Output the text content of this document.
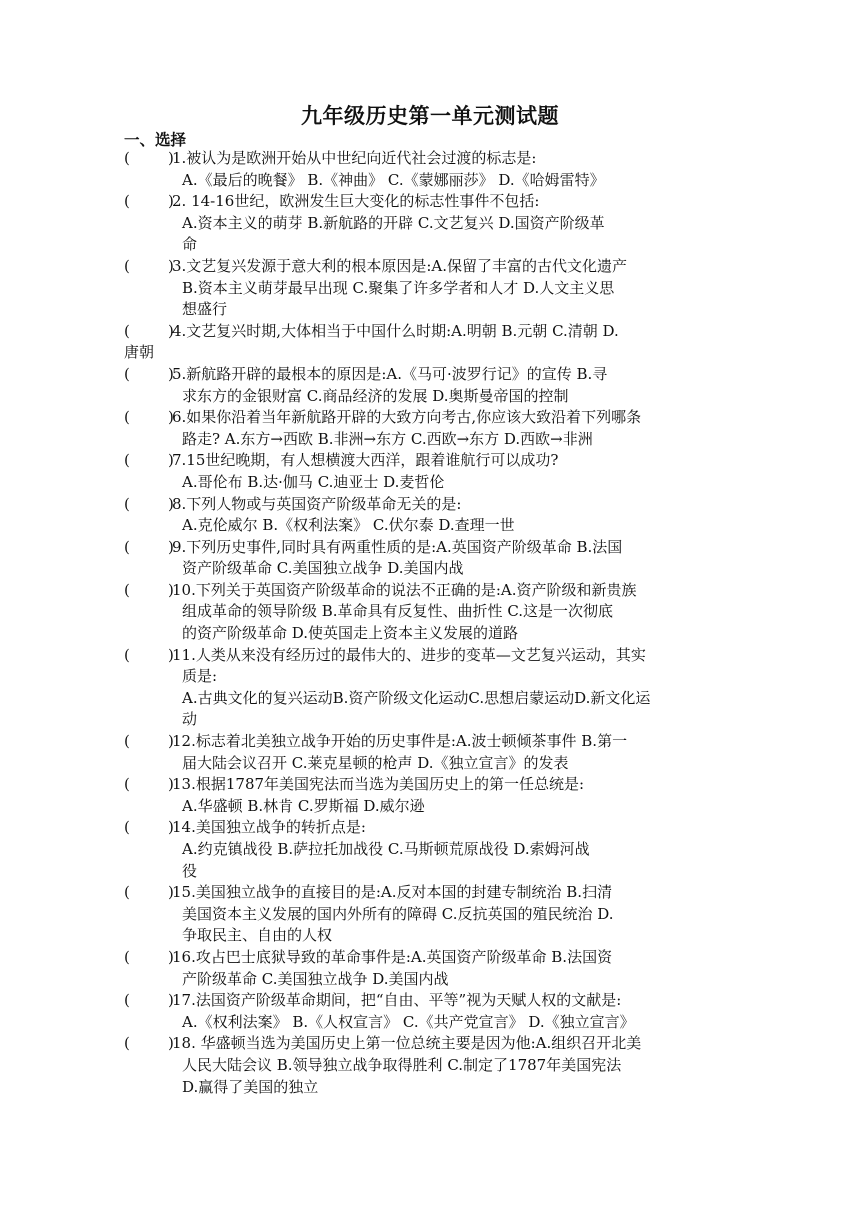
九年级历史第一单元测试题
一、选择
(        )
1.被认为是欧洲开始从中世纪向近代社会过渡的标志是:
A.《最后的晚餐》 B.《神曲》 C.《蒙娜丽莎》 D.《哈姆雷特》
(        )
2. 14-16世纪，欧洲发生巨大变化的标志性事件不包括:
A.资本主义的萌芽 B.新航路的开辟 C.文艺复兴 D.国资产阶级革
命
(        )
3.文艺复兴发源于意大利的根本原因是:A.保留了丰富的古代文化遗产
B.资本主义萌芽最早出现 C.聚集了许多学者和人才 D.人文主义思
想盛行
(        )
4.文艺复兴时期,大体相当于中国什么时期:A.明朝 B.元朝 C.清朝 D.
唐朝
(        )
5.新航路开辟的最根本的原因是:A.《马可·波罗行记》的宣传 B.寻
求东方的金银财富 C.商品经济的发展 D.奥斯曼帝国的控制
(        )
6.如果你沿着当年新航路开辟的大致方向考古,你应该大致沿着下列哪条
路走? A.东方→西欧 B.非洲→东方 C.西欧→东方 D.西欧→非洲
(        )
7.15世纪晚期，有人想横渡大西洋，跟着谁航行可以成功?
A.哥伦布 B.达·伽马 C.迪亚士 D.麦哲伦
(        )
8.下列人物或与英国资产阶级革命无关的是:
A.克伦威尔 B.《权利法案》 C.伏尔泰 D.查理一世
(        )
9.下列历史事件,同时具有两重性质的是:A.英国资产阶级革命 B.法国
资产阶级革命 C.美国独立战争 D.美国内战
(        )
10.下列关于英国资产阶级革命的说法不正确的是:A.资产阶级和新贵族
组成革命的领导阶级 B.革命具有反复性、曲折性 C.这是一次彻底
的资产阶级革命 D.使英国走上资本主义发展的道路
(        )
11.人类从来没有经历过的最伟大的、进步的变革—文艺复兴运动，其实
质是:
A.古典文化的复兴运动B.资产阶级文化运动C.思想启蒙运动D.新文化运
动
(        )
12.标志着北美独立战争开始的历史事件是:A.波士顿倾茶事件 B.第一
届大陆会议召开 C.莱克星顿的枪声 D.《独立宣言》的发表
(        )
13.根据1787年美国宪法而当选为美国历史上的第一任总统是:
A.华盛顿 B.林肯 C.罗斯福 D.威尔逊
(        )
14.美国独立战争的转折点是:
A.约克镇战役 B.萨拉托加战役 C.马斯顿荒原战役 D.索姆河战
役
(        )
15.美国独立战争的直接目的是:A.反对本国的封建专制统治 B.扫清
美国资本主义发展的国内外所有的障碍 C.反抗英国的殖民统治 D.
争取民主、自由的人权
(        )
16.攻占巴士底狱导致的革命事件是:A.英国资产阶级革命 B.法国资
产阶级革命 C.美国独立战争 D.美国内战
(        )
17.法国资产阶级革命期间，把“自由、平等”视为天赋人权的文献是:
A.《权利法案》 B.《人权宣言》 C.《共产党宣言》 D.《独立宣言》
(        )
18. 华盛顿当选为美国历史上第一位总统主要是因为他:A.组织召开北美
人民大陆会议 B.领导独立战争取得胜利 C.制定了1787年美国宪法
D.赢得了美国的独立
